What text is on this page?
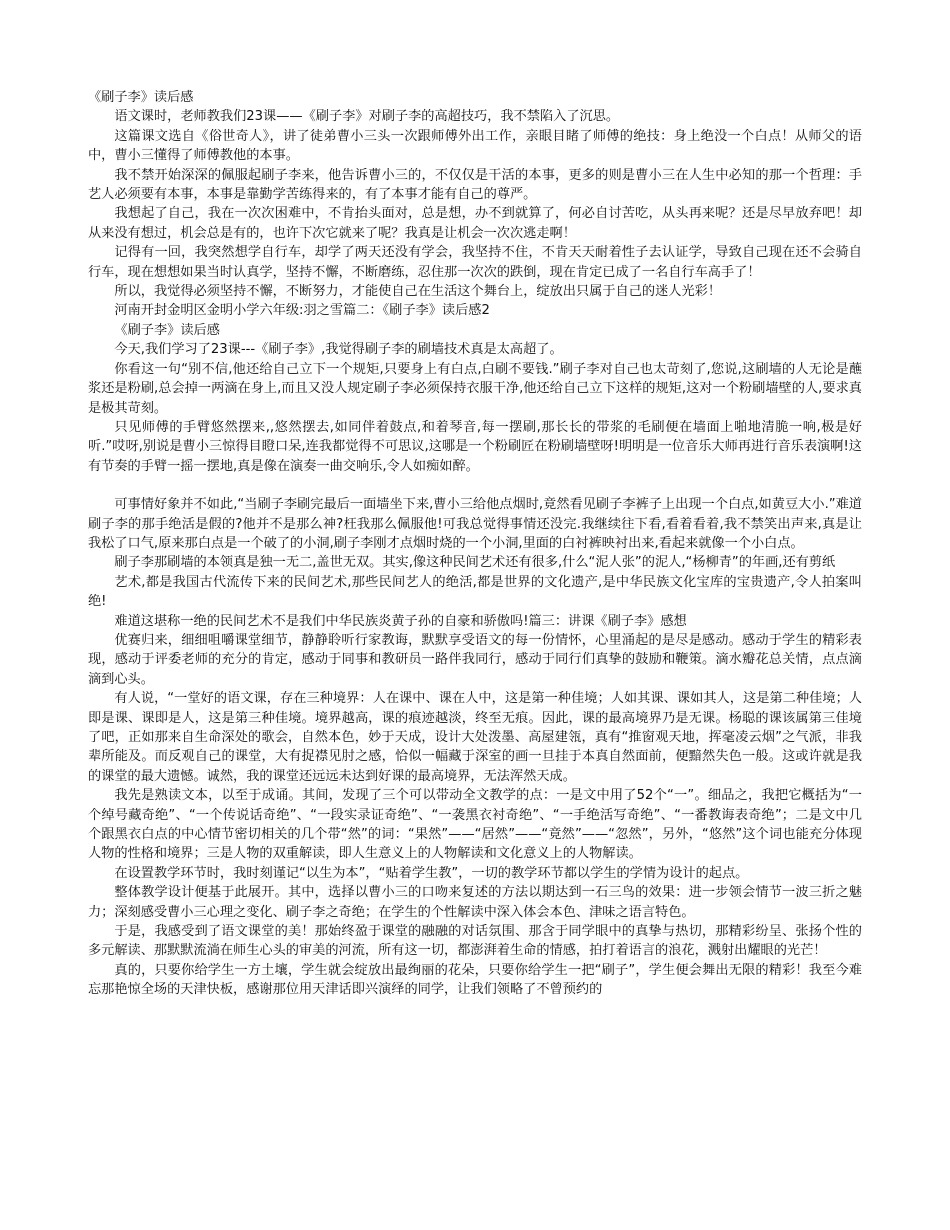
《刷子李》读后感

语文课时，老师教我们23课——《刷子李》对刷子李的高超技巧，我不禁陷入了沉思。

这篇课文选自《俗世奇人》，讲了徒弟曹小三头一次跟师傅外出工作，亲眼目睹了师傅的绝技：身上绝没一个白点！从师父的语中，曹小三懂得了师傅教他的本事。

我不禁开始深深的佩服起刷子李来，他告诉曹小三的，不仅仅是干活的本事，更多的则是曹小三在人生中必知的那一个哲理：手艺人必须要有本事，本事是靠勤学苦练得来的，有了本事才能有自己的尊严。

我想起了自己，我在一次次困难中，不肯抬头面对，总是想，办不到就算了，何必自讨苦吃，从头再来呢？还是尽早放弃吧！却从来没有想过，机会总是有的，也许下次它就来了呢？我真是让机会一次次逃走啊！

记得有一回，我突然想学自行车，却学了两天还没有学会，我坚持不住，不肯天天耐着性子去认证学，导致自己现在还不会骑自行车，现在想想如果当时认真学，坚持不懈，不断磨练，忍住那一次次的跌倒，现在肯定已成了一名自行车高手了！

所以，我觉得必须坚持不懈，不断努力，才能使自己在生活这个舞台上，绽放出只属于自己的迷人光彩！

河南开封金明区金明小学六年级:羽之雪篇二：《刷子李》读后感2

《刷子李》读后感

今天,我们学习了23课---《刷子李》,我觉得刷子李的刷墙技术真是太高超了。

你看这一句“别不信,他还给自己立下一个规矩,只要身上有白点,白刷不要钱.”刷子李对自己也太苛刻了,您说,这刷墙的人无论是蘸浆还是粉刷,总会掉一两滴在身上,而且又没人规定刷子李必须保持衣服干净,他还给自己立下这样的规矩,这对一个粉刷墙壁的人,要求真是极其苛刻。

只见师傅的手臂悠然摆来,,悠然摆去,如同伴着鼓点,和着琴音,每一摆刷,那长长的带浆的毛刷便在墙面上啪地清脆一响,极是好听.”哎呀,别说是曹小三惊得目瞪口呆,连我都觉得不可思议,这哪是一个粉刷匠在粉刷墙壁呀!明明是一位音乐大师再进行音乐表演啊!这有节奏的手臂一摇一摆地,真是像在演奏一曲交响乐,令人如痴如醉。

可事情好象并不如此,“当刷子李刷完最后一面墙坐下来,曹小三给他点烟时,竟然看见刷子李裤子上出现一个白点,如黄豆大小.”难道刷子李的那手绝活是假的?他并不是那么神?枉我那么佩服他!可我总觉得事情还没完.我继续往下看,看着看着,我不禁笑出声来,真是让我松了口气,原来那白点是一个破了的小洞,刷子李刚才点烟时烧的一个小洞,里面的白衬裤映衬出来,看起来就像一个小白点。

刷子李那刷墙的本领真是独一无二,盖世无双。其实,像这种民间艺术还有很多,什么“泥人张”的泥人,“杨柳青”的年画,还有剪纸

艺术,都是我国古代流传下来的民间艺术,那些民间艺人的绝活,都是世界的文化遗产,是中华民族文化宝库的宝贵遗产,令人拍案叫绝!

难道这堪称一绝的民间艺术不是我们中华民族炎黄子孙的自豪和骄傲吗!篇三：讲课《刷子李》感想

优赛归来，细细咀嚼课堂细节，静静聆听行家教诲，默默享受语文的每一份情怀，心里涌起的是尽是感动。感动于学生的精彩表现，感动于评委老师的充分的肯定，感动于同事和教研员一路伴我同行，感动于同行们真挚的鼓励和鞭策。滴水瓣花总关情，点点滴滴到心头。

有人说，“一堂好的语文课，存在三种境界：人在课中、课在人中，这是第一种佳境；人如其课、课如其人，这是第二种佳境；人即是课、课即是人，这是第三种佳境。境界越高，课的痕迹越淡，终至无痕。因此，课的最高境界乃是无课。杨聪的课该属第三佳境了吧，正如那来自生命深处的歌会，自然本色，妙于天成，设计大处泼墨、高屋建瓴，真有“推窗观天地，挥毫凌云烟”之气派，非我辈所能及。而反观自己的课堂，大有捉襟见肘之感，恰似一幅藏于深室的画一旦挂于本真自然面前，便黯然失色一般。这或许就是我的课堂的最大遗憾。诚然，我的课堂还远远未达到好课的最高境界，无法浑然天成。

我先是熟读文本，以至于成诵。其间，发现了三个可以带动全文教学的点：一是文中用了52个“一”。细品之，我把它概括为“一个绰号藏奇绝”、“一个传说话奇绝”、“一段实录证奇绝”、“一袭黑衣衬奇绝”、“一手绝活写奇绝”、“一番教诲表奇绝”；二是文中几个跟黑衣白点的中心情节密切相关的几个带“然”的词：“果然”——“居然”——“竟然”——“忽然”，另外，“悠然”这个词也能充分体现人物的性格和境界；三是人物的双重解读，即人生意义上的人物解读和文化意义上的人物解读。

在设置教学环节时，我时刻谨记“以生为本”，“贴着学生教”，一切的教学环节都以学生的学情为设计的起点。

整体教学设计便基于此展开。其中，选择以曹小三的口吻来复述的方法以期达到一石三鸟的效果：进一步领会情节一波三折之魅力；深刻感受曹小三心理之变化、刷子李之奇绝；在学生的个性解读中深入体会本色、津味之语言特色。

于是，我感受到了语文课堂的美！那始终盈于课堂的融融的对话氛围、那含于同学眼中的真挚与热切，那精彩纷呈、张扬个性的多元解读、那默默流淌在师生心头的审美的河流，所有这一切，都澎湃着生命的情感，拍打着语言的浪花，溅射出耀眼的光芒！

真的，只要你给学生一方土壤，学生就会绽放出最绚丽的花朵，只要你给学生一把“刷子”，学生便会舞出无限的精彩！我至今难忘那艳惊全场的天津快板，感谢那位用天津话即兴演绎的同学，让我们领略了不曾预约的
